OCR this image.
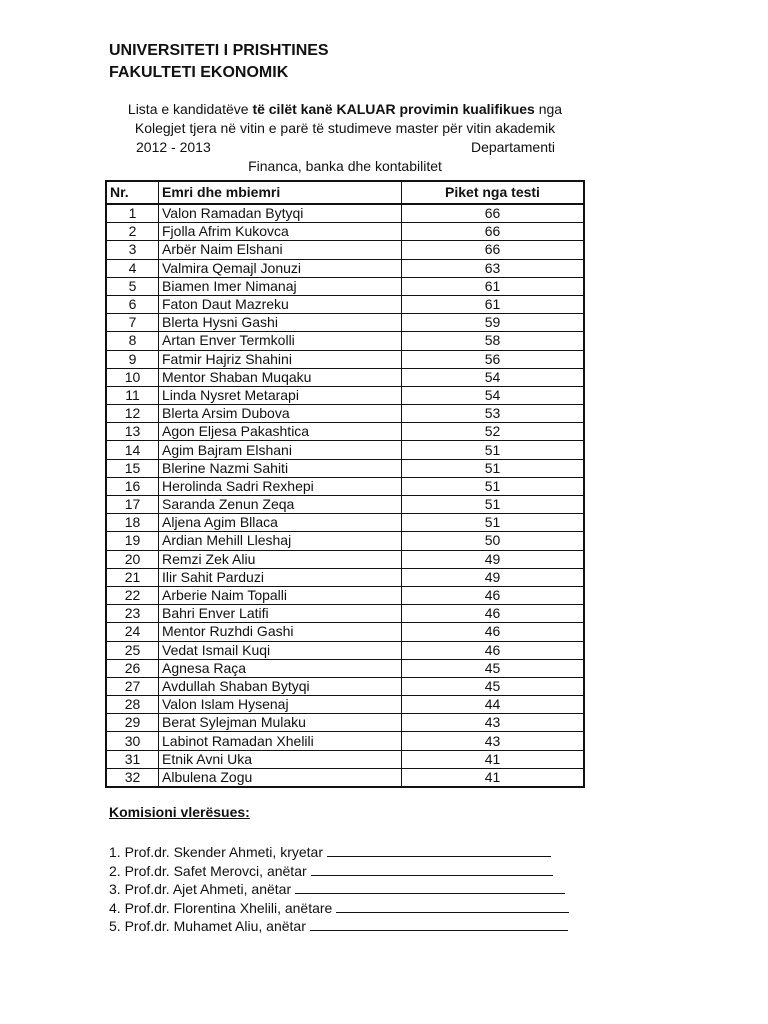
UNIVERSITETI I PRISHTINES
FAKULTETI EKONOMIK
Lista e kandidatëve të cilët kanë KALUAR provimin kualifikues nga
Kolegjet tjera në vitin e parë të studimeve master për vitin akademik
2012 - 2013	Departamenti
Financa, banka dhe kontabilitet
Nr.	Emri dhe mbiemri	Piket nga testi
1	Valon Ramadan Bytyqi	66
2	Fjolla Afrim Kukovca	66
3	Arbër Naim Elshani	66
4	Valmira Qemajl Jonuzi	63
5	Biamen Imer Nimanaj	61
6	Faton Daut Mazreku	61
7	Blerta Hysni Gashi	59
8	Artan Enver Termkolli	58
9	Fatmir Hajriz Shahini	56
10	Mentor Shaban Muqaku	54
11	Linda Nysret Metarapi	54
12	Blerta Arsim Dubova	53
13	Agon Eljesa Pakashtica	52
14	Agim Bajram Elshani	51
15	Blerine Nazmi Sahiti	51
16	Herolinda Sadri Rexhepi	51
17	Saranda Zenun Zeqa	51
18	Aljena Agim Bllaca	51
19	Ardian Mehill Lleshaj	50
20	Remzi Zek Aliu	49
21	Ilir Sahit Parduzi	49
22	Arberie Naim Topalli	46
23	Bahri Enver Latifi	46
24	Mentor Ruzhdi Gashi	46
25	Vedat Ismail Kuqi	46
26	Agnesa Raça	45
27	Avdullah Shaban Bytyqi	45
28	Valon Islam Hysenaj	44
29	Berat Sylejman Mulaku	43
30	Labinot Ramadan Xhelili	43
31	Etnik Avni Uka	41
32	Albulena Zogu	41
Komisioni vlerësues:
1. Prof.dr. Skender Ahmeti, kryetar
2. Prof.dr. Safet Merovci, anëtar
3. Prof.dr. Ajet Ahmeti, anëtar
4. Prof.dr. Florentina Xhelili, anëtare
5. Prof.dr. Muhamet Aliu, anëtar
